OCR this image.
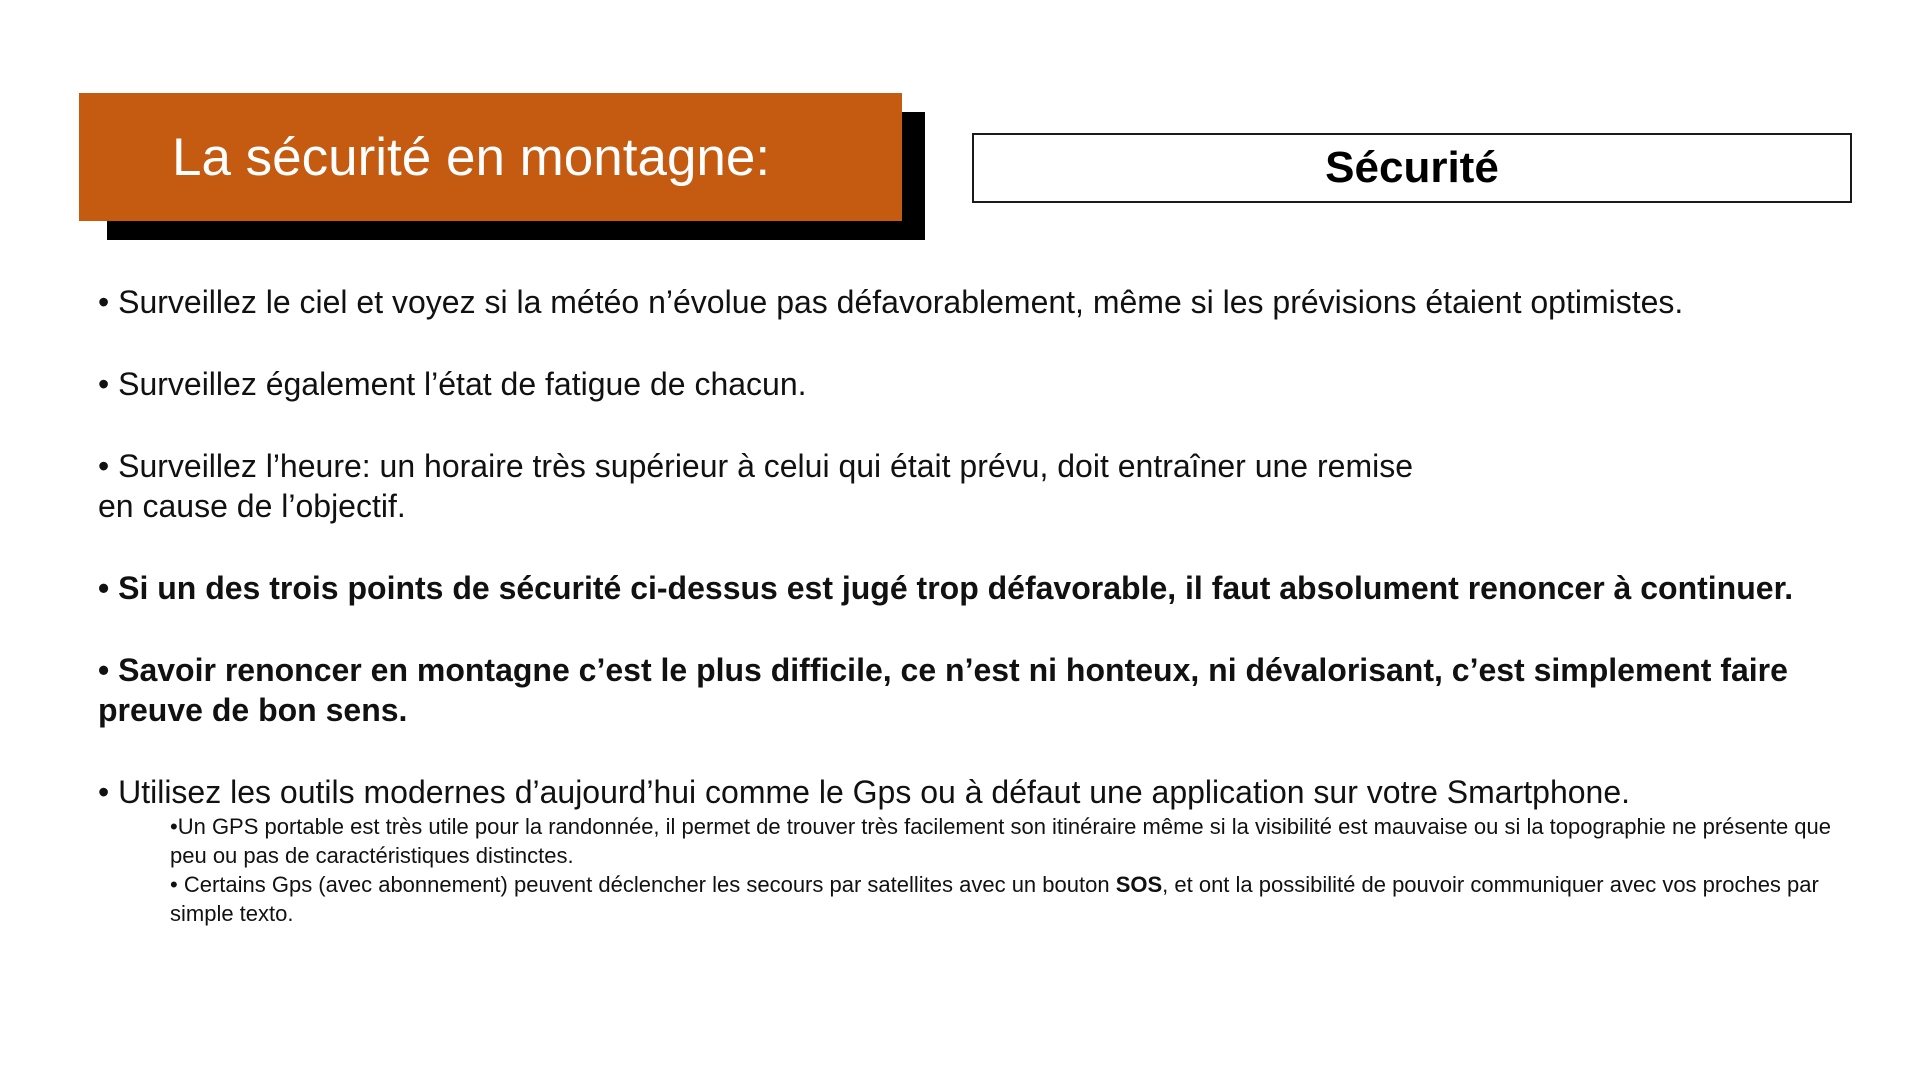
La sécurité en montagne:	Sécurité

• Surveillez le ciel et voyez si la météo n’évolue pas défavorablement, même si les prévisions étaient optimistes.

• Surveillez également l’état de fatigue de chacun.

• Surveillez l’heure: un horaire très supérieur à celui qui était prévu, doit entraîner une remise

en cause de l’objectif.

• Si un des trois points de sécurité ci-dessus est jugé trop défavorable, il faut absolument renoncer à continuer.

• Savoir renoncer en montagne c’est le plus difficile, ce n’est ni honteux, ni dévalorisant, c’est simplement faire preuve de bon sens.

• Utilisez les outils modernes d’aujourd’hui comme le Gps ou à défaut une application sur votre Smartphone.

•Un GPS portable est très utile pour la randonnée, il permet de trouver très facilement son itinéraire même si la visibilité est mauvaise ou si la topographie ne présente que peu ou pas de caractéristiques distinctes.

• Certains Gps (avec abonnement) peuvent déclencher les secours par satellites avec un bouton SOS, et ont la possibilité de pouvoir communiquer avec vos proches par simple texto.
